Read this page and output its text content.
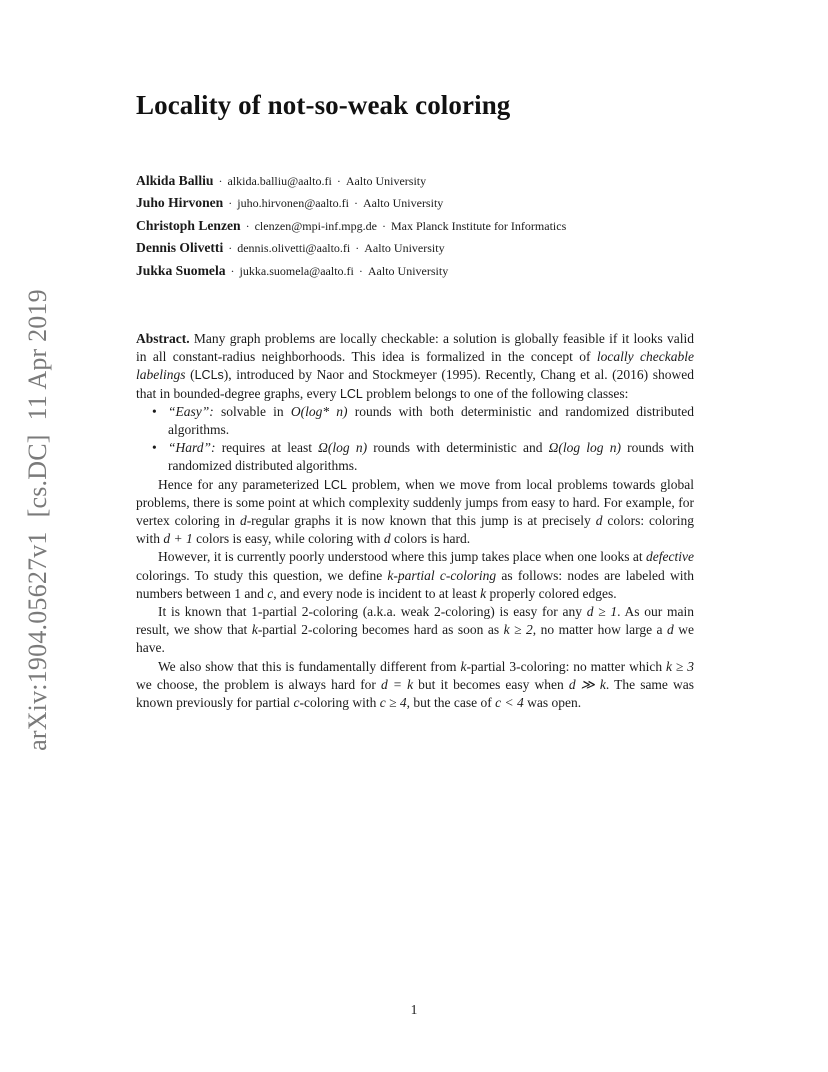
arXiv:1904.05627v1[cs.DC]11 Apr 2019
Locality of not-so-weak coloring
Alkida Balliu · alkida.balliu@aalto.fi · Aalto University
Juho Hirvonen · juho.hirvonen@aalto.fi · Aalto University
Christoph Lenzen · clenzen@mpi-inf.mpg.de · Max Planck Institute for Informatics
Dennis Olivetti · dennis.olivetti@aalto.fi · Aalto University
Jukka Suomela · jukka.suomela@aalto.fi · Aalto University

Abstract. Many graph problems are locally checkable: a solution is globally feasible if it looks valid in all constant-radius neighborhoods. This idea is formalized in the concept of locally checkable labelings (LCLs), introduced by Naor and Stockmeyer (1995). Recently, Chang et al. (2016) showed that in bounded-degree graphs, every LCL problem belongs to one of the following classes:

• “Easy”: solvable in O(log* n) rounds with both deterministic and randomized distributed algorithms.
• “Hard”: requires at least Ω(log n) rounds with deterministic and Ω(log log n) rounds with randomized distributed algorithms.

Hence for any parameterized LCL problem, when we move from local problems towards global problems, there is some point at which complexity suddenly jumps from easy to hard. For example, for vertex coloring in d-regular graphs it is now known that this jump is at precisely d colors: coloring with d + 1 colors is easy, while coloring with d colors is hard.

However, it is currently poorly understood where this jump takes place when one looks at defective colorings. To study this question, we define k-partial c-coloring as follows: nodes are labeled with numbers between 1 and c, and every node is incident to at least k properly colored edges.

It is known that 1-partial 2-coloring (a.k.a. weak 2-coloring) is easy for any d ≥ 1. As our main result, we show that k-partial 2-coloring becomes hard as soon as k ≥ 2, no matter how large a d we have.

We also show that this is fundamentally different from k-partial 3-coloring: no matter which k ≥ 3 we choose, the problem is always hard for d = k but it becomes easy when d ≫ k. The same was known previously for partial c-coloring with c ≥ 4, but the case of c < 4 was open.

1
